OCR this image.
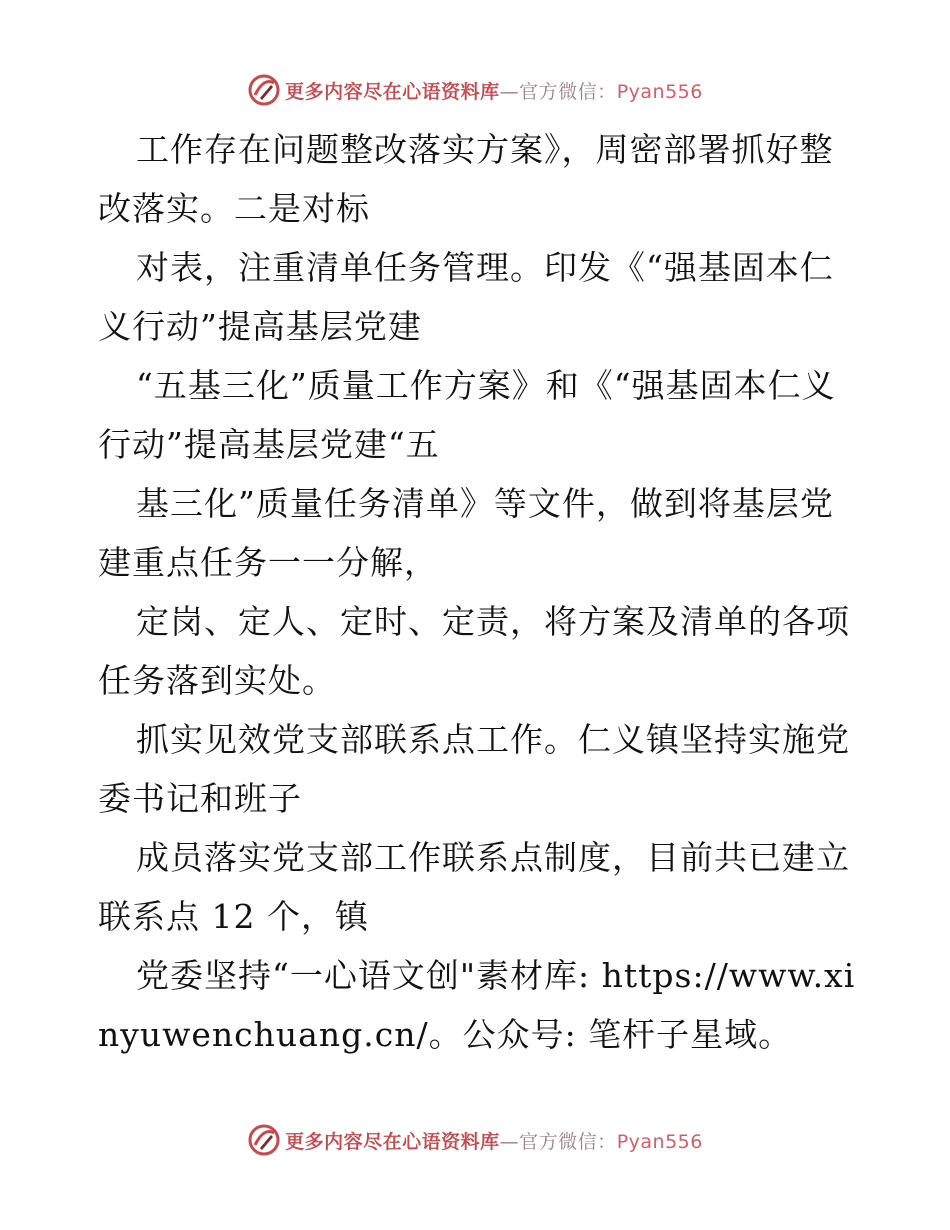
更多内容尽在心语资料库—官方微信：Pyan556

工作存在问题整改落实方案》，周密部署抓好整改落实。二是对标

对表，注重清单任务管理。印发《“强基固本仁义行动”提高基层党建

“五基三化”质量工作方案》和《“强基固本仁义行动”提高基层党建“五

基三化”质量任务清单》等文件，做到将基层党建重点任务一一分解，

定岗、定人、定时、定责，将方案及清单的各项任务落到实处。

抓实见效党支部联系点工作。仁义镇坚持实施党委书记和班子

成员落实党支部工作联系点制度，目前共已建立联系点 12 个，镇

党委坚持“一心语文创"素材库: https://www.xinyuwenchuang.cn/。公众号: 笔杆子星域。

更多内容尽在心语资料库—官方微信：Pyan556
